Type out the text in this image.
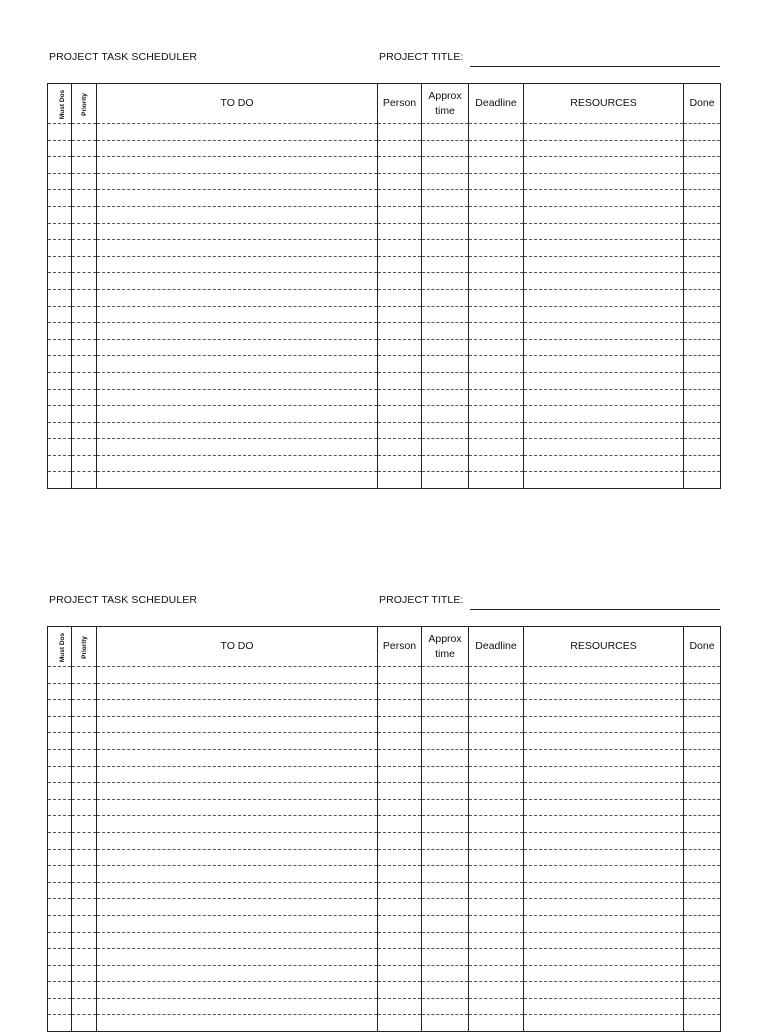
PROJECT TASK SCHEDULER	PROJECT TITLE:
Must Dos	Priority	TO DO	Person	Approx time	Deadline	RESOURCES	Done

PROJECT TASK SCHEDULER	PROJECT TITLE:
Must Dos	Priority	TO DO	Person	Approx time	Deadline	RESOURCES	Done
